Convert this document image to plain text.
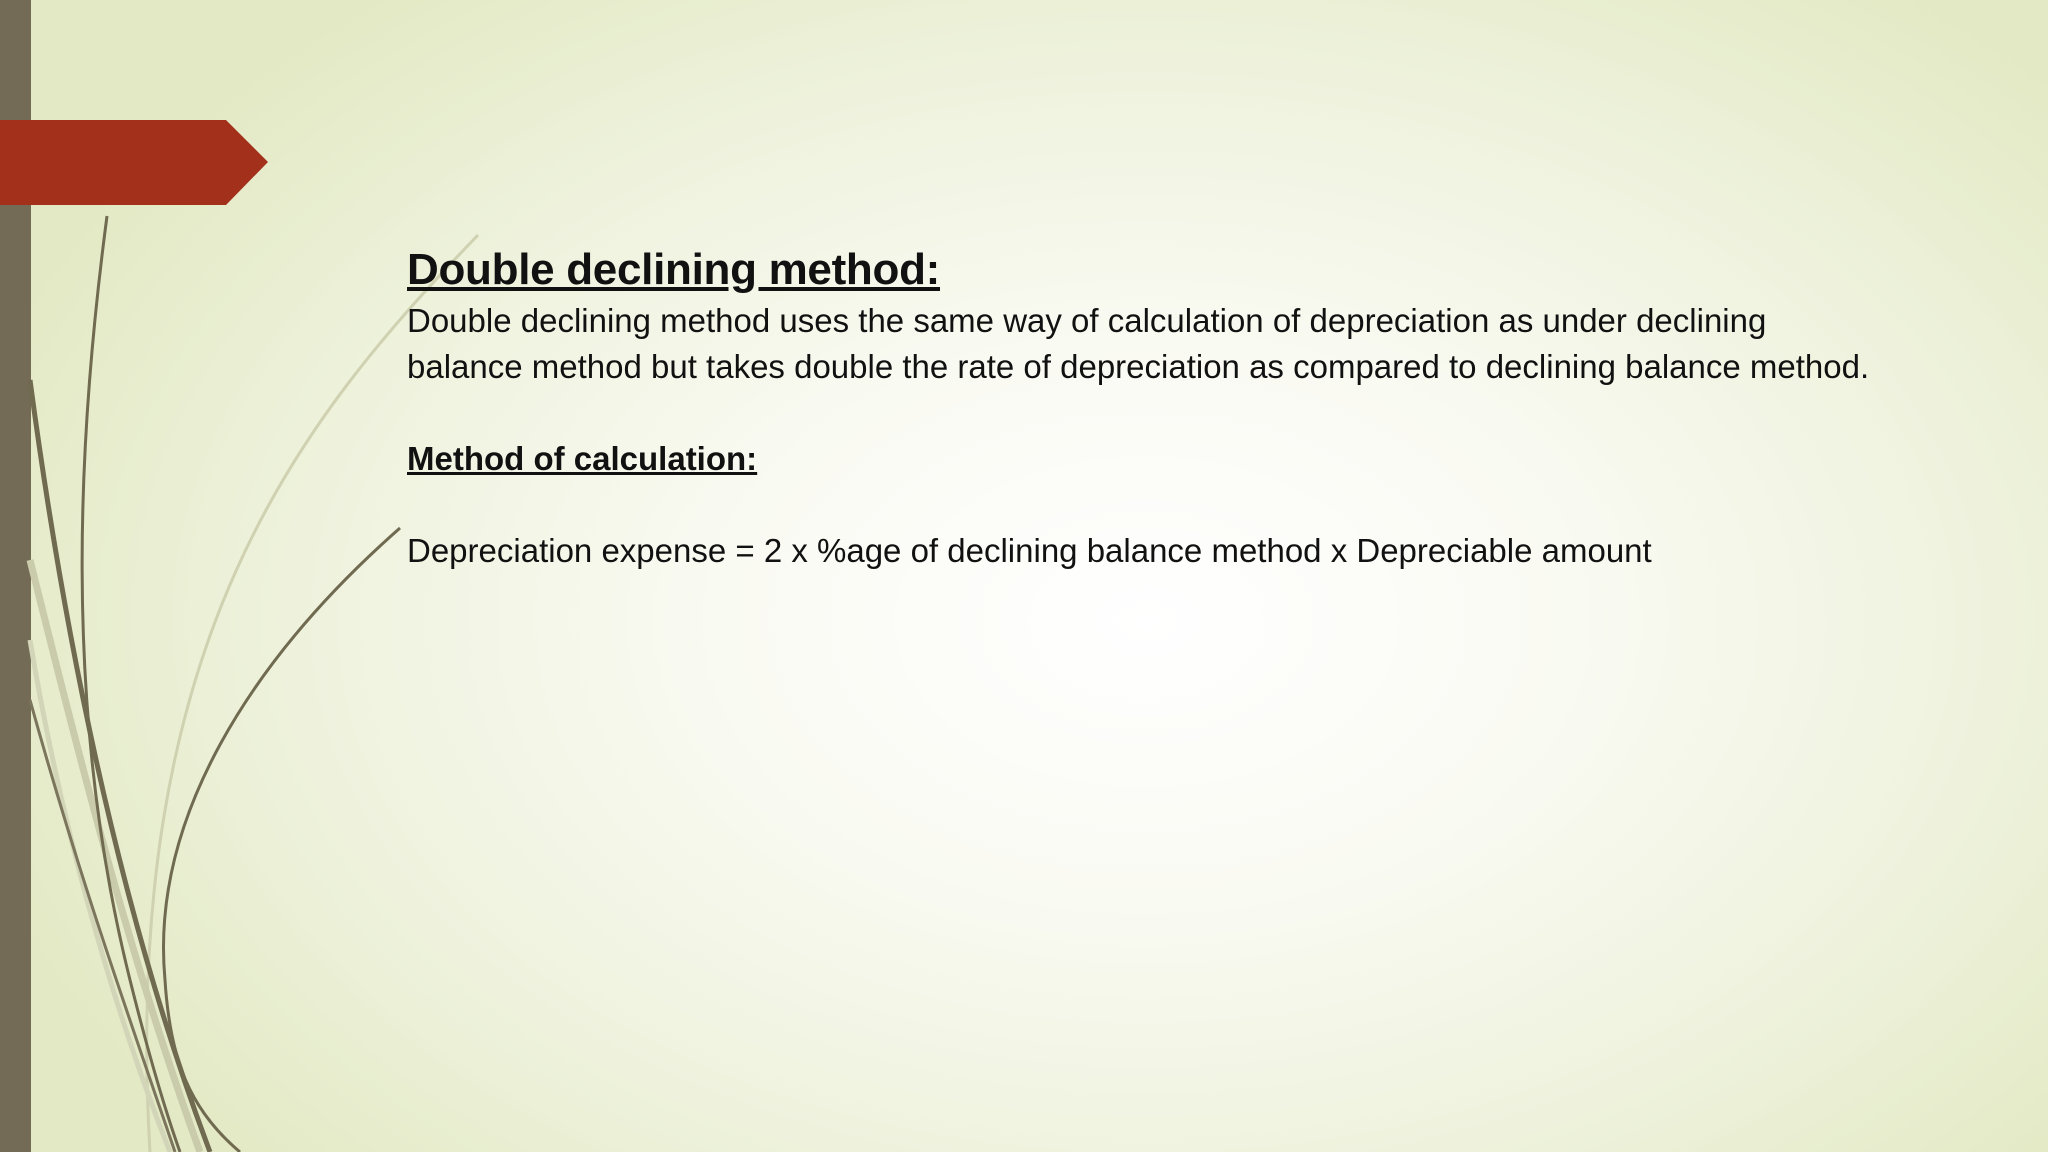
Double declining method:

Double declining method uses the same way of calculation of depreciation as under declining balance method but takes double the rate of depreciation as compared to declining balance method.

Method of calculation:

Depreciation expense = 2 x %age of declining balance method x Depreciable amount
